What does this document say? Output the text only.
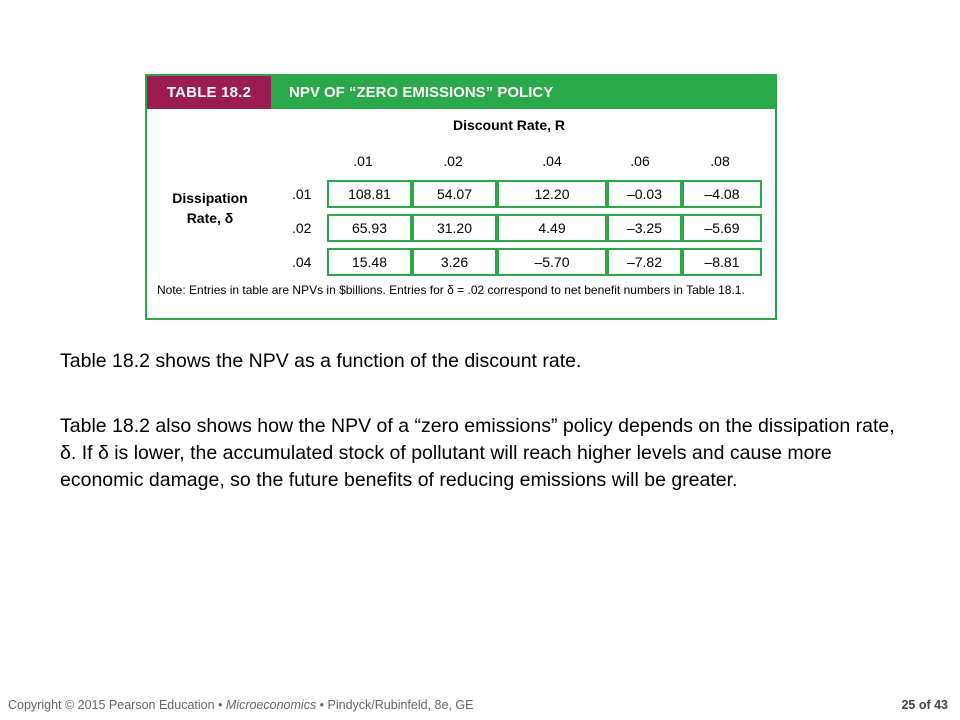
TABLE 18.2	NPV OF “ZERO EMISSIONS” POLICY
Discount Rate, R
.01	.02	.04	.06	.08
Dissipation
Rate, δ
.01	108.81	54.07	12.20	–0.03	–4.08
.02	65.93	31.20	4.49	–3.25	–5.69
.04	15.48	3.26	–5.70	–7.82	–8.81
Note: Entries in table are NPVs in $billions. Entries for δ = .02 correspond to net benefit numbers in Table 18.1.
Table 18.2 shows the NPV as a function of the discount rate.
Table 18.2 also shows how the NPV of a “zero emissions” policy depends on the dissipation rate, δ. If δ is lower, the accumulated stock of pollutant will reach higher levels and cause more economic damage, so the future benefits of reducing emissions will be greater.
Copyright © 2015 Pearson Education • Microeconomics • Pindyck/Rubinfeld, 8e, GE	25 of 43
